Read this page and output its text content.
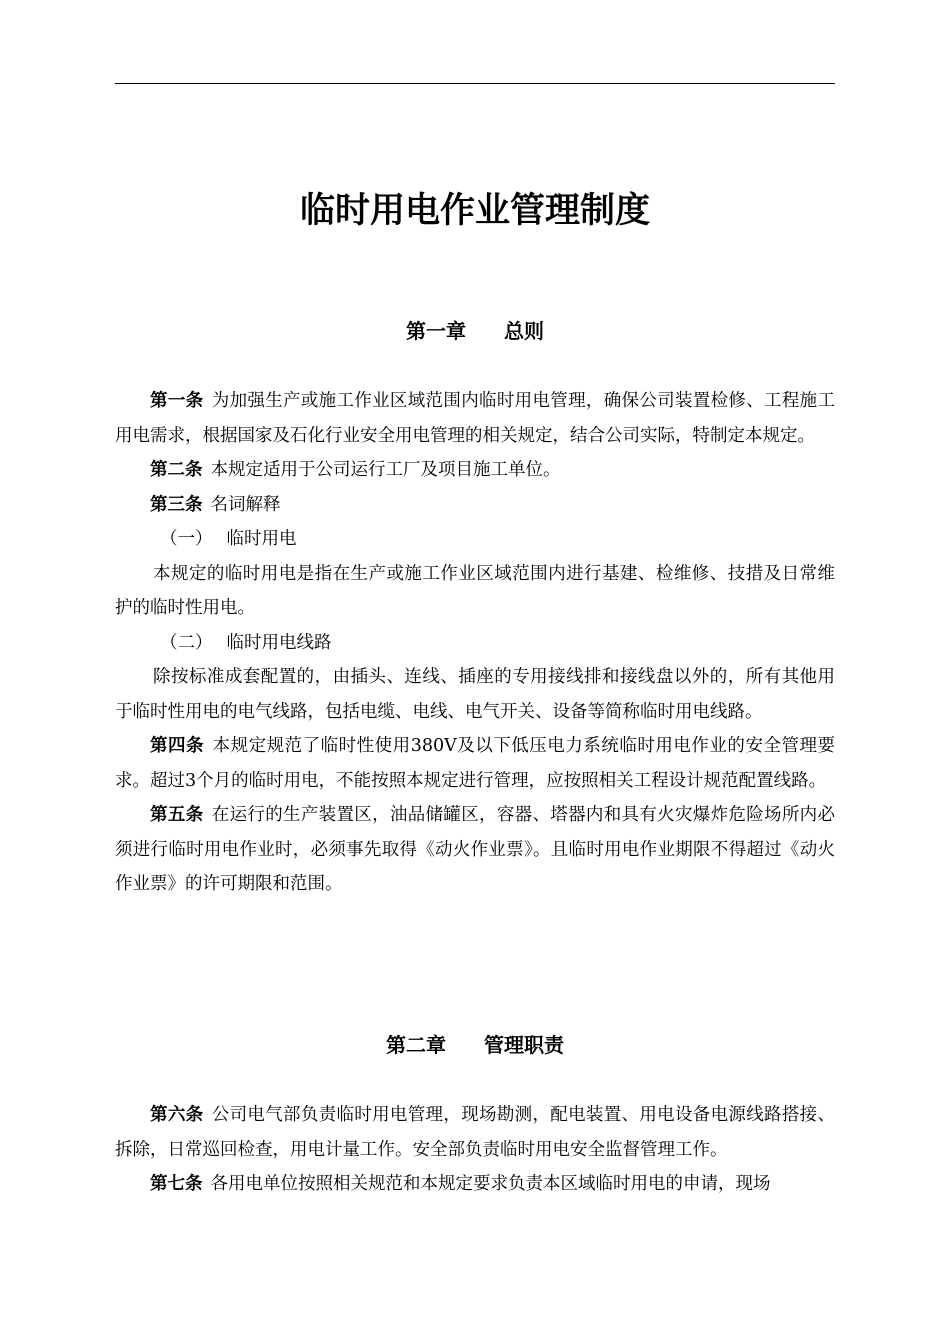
临时用电作业管理制度
第一章 总则

第一条 为加强生产或施工作业区域范围内临时用电管理，确保公司装置检修、工程施工用电需求，根据国家及石化行业安全用电管理的相关规定，结合公司实际，特制定本规定。

第二条 本规定适用于公司运行工厂及项目施工单位。

第三条 名词解释

（一） 临时用电

本规定的临时用电是指在生产或施工作业区域范围内进行基建、检维修、技措及日常维护的临时性用电。

（二） 临时用电线路

除按标准成套配置的，由插头、连线、插座的专用接线排和接线盘以外的，所有其他用于临时性用电的电气线路，包括电缆、电线、电气开关、设备等简称临时用电线路。

第四条 本规定规范了临时性使用380V及以下低压电力系统临时用电作业的安全管理要求。超过3个月的临时用电，不能按照本规定进行管理，应按照相关工程设计规范配置线路。

第五条 在运行的生产装置区，油品储罐区，容器、塔器内和具有火灾爆炸危险场所内必须进行临时用电作业时，必须事先取得《动火作业票》。且临时用电作业期限不得超过《动火作业票》的许可期限和范围。

第二章 管理职责

第六条 公司电气部负责临时用电管理，现场勘测，配电装置、用电设备电源线路搭接、拆除，日常巡回检查，用电计量工作。安全部负责临时用电安全监督管理工作。

第七条 各用电单位按照相关规范和本规定要求负责本区域临时用电的申请，现场
